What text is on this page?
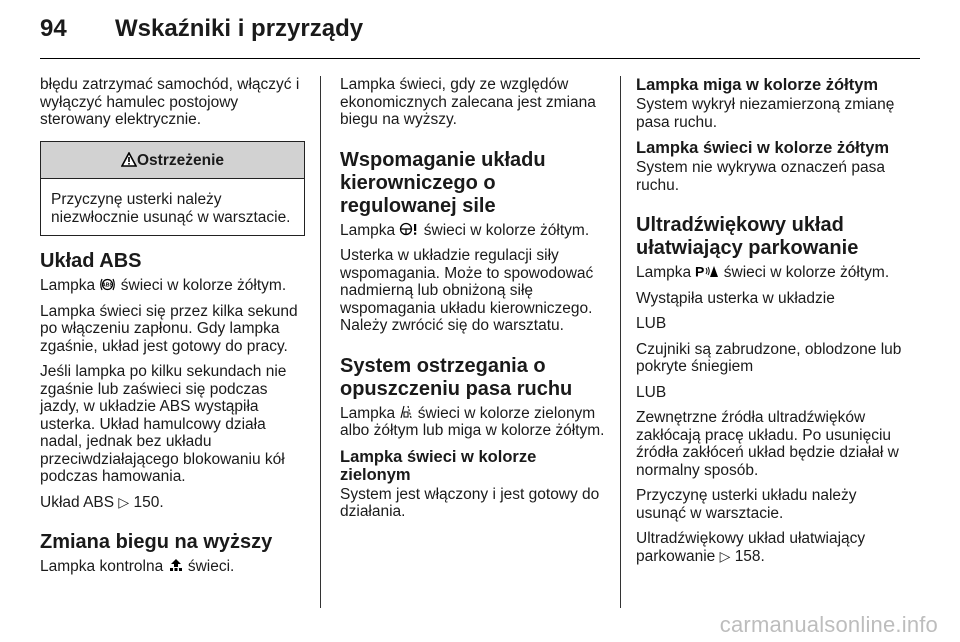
94 Wskaźniki i przyrządy

błędu zatrzymać samochód, włączyć i wyłączyć hamulec postojowy sterowany elektrycznie.

Ostrzeżenie

Przyczynę usterki należy niezwłocznie usunąć w warsztacie.

Układ ABS

Lampka ABS świeci w kolorze żółtym.

Lampka świeci się przez kilka sekund po włączeniu zapłonu. Gdy lampka zgaśnie, układ jest gotowy do pracy.

Jeśli lampka po kilku sekundach nie zgaśnie lub zaświeci się podczas jazdy, w układzie ABS wystąpiła usterka. Układ hamulcowy działa nadal, jednak bez układu przeciwdziałającego blokowaniu kół podczas hamowania.

Układ ABS ▷ 150.

Zmiana biegu na wyższy

Lampka kontrolna świeci.

Lampka świeci, gdy ze względów ekonomicznych zalecana jest zmiana biegu na wyższy.

Wspomaganie układu kierowniczego o regulowanej sile

Lampka świeci w kolorze żółtym.

Usterka w układzie regulacji siły wspomagania. Może to spowodować nadmierną lub obniżoną siłę wspomagania układu kierowniczego. Należy zwrócić się do warsztatu.

System ostrzegania o opuszczeniu pasa ruchu

Lampka świeci w kolorze zielonym albo żółtym lub miga w kolorze żółtym.

Lampka świeci w kolorze zielonym

System jest włączony i jest gotowy do działania.

Lampka miga w kolorze żółtym

System wykrył niezamierzoną zmianę pasa ruchu.

Lampka świeci w kolorze żółtym

System nie wykrywa oznaczeń pasa ruchu.

Ultradźwiękowy układ ułatwiający parkowanie

Lampka P świeci w kolorze żółtym.

Wystąpiła usterka w układzie

LUB

Czujniki są zabrudzone, oblodzone lub pokryte śniegiem

LUB

Zewnętrzne źródła ultradźwięków zakłócają pracę układu. Po usunięciu źródła zakłóceń układ będzie działał w normalny sposób.

Przyczynę usterki układu należy usunąć w warsztacie.

Ultradźwiękowy układ ułatwiający parkowanie ▷ 158.

carmanualsonline.info
